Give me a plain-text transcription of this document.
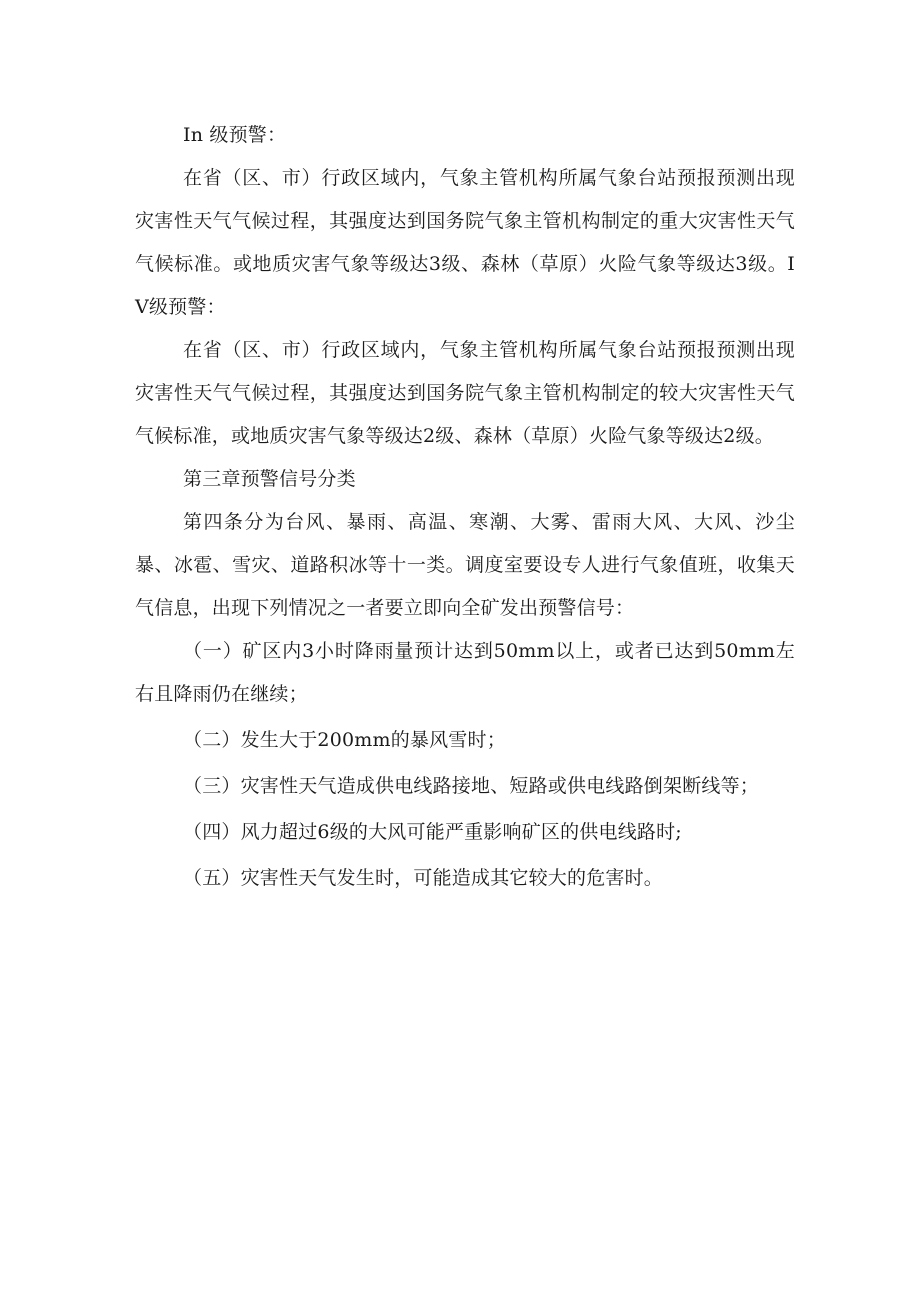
In 级预警：

在省（区、市）行政区域内，气象主管机构所属气象台站预报预测出现灾害性天气气候过程，其强度达到国务院气象主管机构制定的重大灾害性天气气候标准。或地质灾害气象等级达3级、森林（草原）火险气象等级达3级。IV级预警：

在省（区、市）行政区域内，气象主管机构所属气象台站预报预测出现灾害性天气气候过程，其强度达到国务院气象主管机构制定的较大灾害性天气气候标准，或地质灾害气象等级达2级、森林（草原）火险气象等级达2级。

第三章预警信号分类

第四条分为台风、暴雨、高温、寒潮、大雾、雷雨大风、大风、沙尘暴、冰雹、雪灾、道路积冰等十一类。调度室要设专人进行气象值班，收集天气信息，出现下列情况之一者要立即向全矿发出预警信号：

（一）矿区内3小时降雨量预计达到50mm以上，或者已达到50mm左右且降雨仍在继续；

（二）发生大于200mm的暴风雪时；

（三）灾害性天气造成供电线路接地、短路或供电线路倒架断线等；

（四）风力超过6级的大风可能严重影响矿区的供电线路时;

（五）灾害性天气发生时，可能造成其它较大的危害时。
